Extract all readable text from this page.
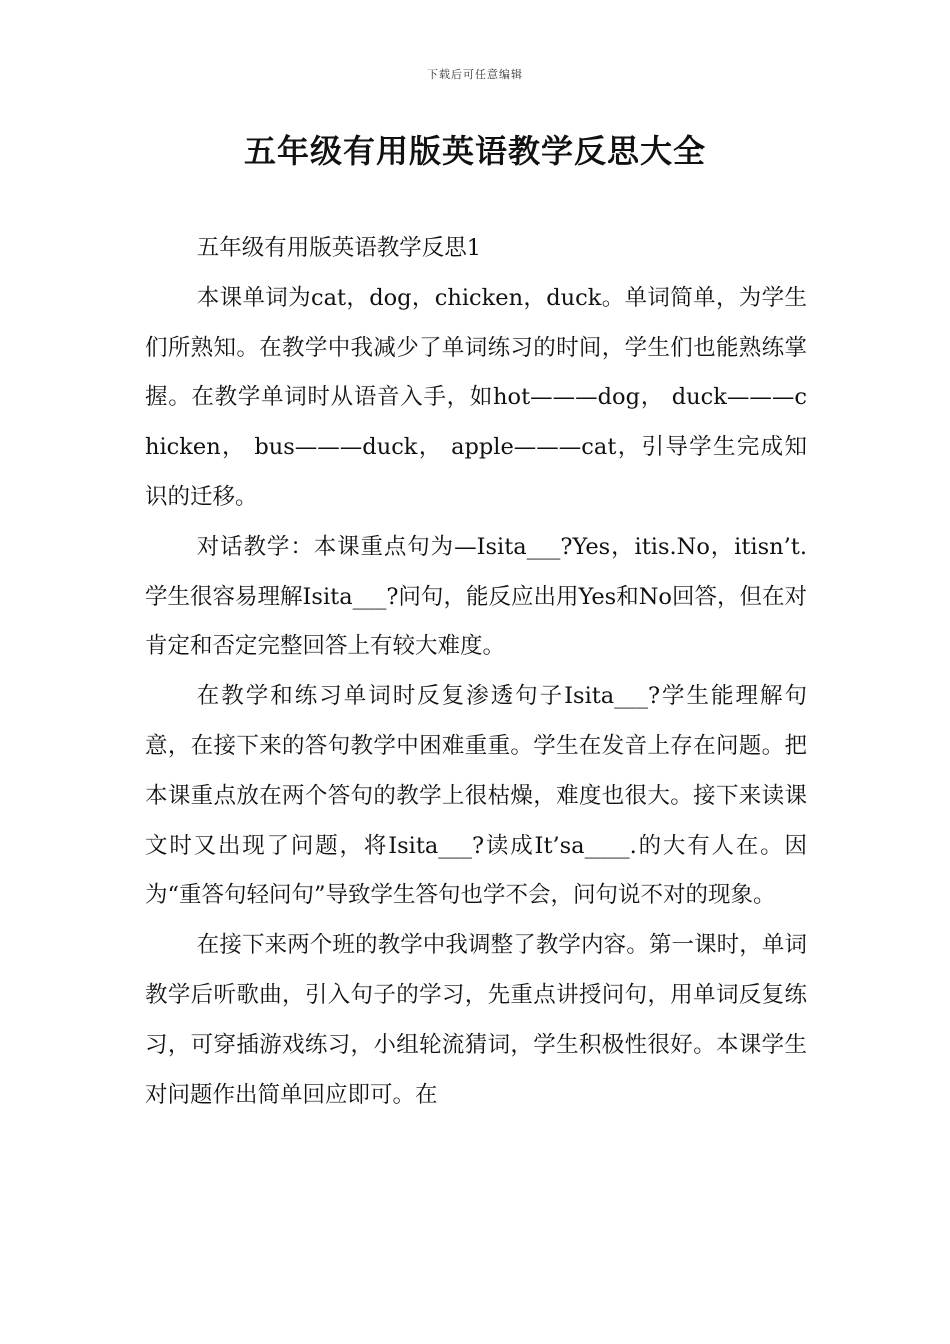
下载后可任意编辑
五年级有用版英语教学反思大全

五年级有用版英语教学反思1

本课单词为cat，dog，chicken，duck。单词简单，为学生们所熟知。在教学中我减少了单词练习的时间，学生们也能熟练掌握。在教学单词时从语音入手，如hot———dog， duck———chicken， bus———duck， apple———cat，引导学生完成知识的迁移。

对话教学：本课重点句为—Isita___?Yes，itis.No，itisn’t.学生很容易理解Isita___?问句，能反应出用Yes和No回答，但在对肯定和否定完整回答上有较大难度。

在教学和练习单词时反复渗透句子Isita___?学生能理解句意，在接下来的答句教学中困难重重。学生在发音上存在问题。把本课重点放在两个答句的教学上很枯燥，难度也很大。接下来读课文时又出现了问题，将Isita___?读成It’sa____.的大有人在。因为“重答句轻问句”导致学生答句也学不会，问句说不对的现象。

在接下来两个班的教学中我调整了教学内容。第一课时，单词教学后听歌曲，引入句子的学习，先重点讲授问句，用单词反复练习，可穿插游戏练习，小组轮流猜词，学生积极性很好。本课学生对问题作出简单回应即可。在
